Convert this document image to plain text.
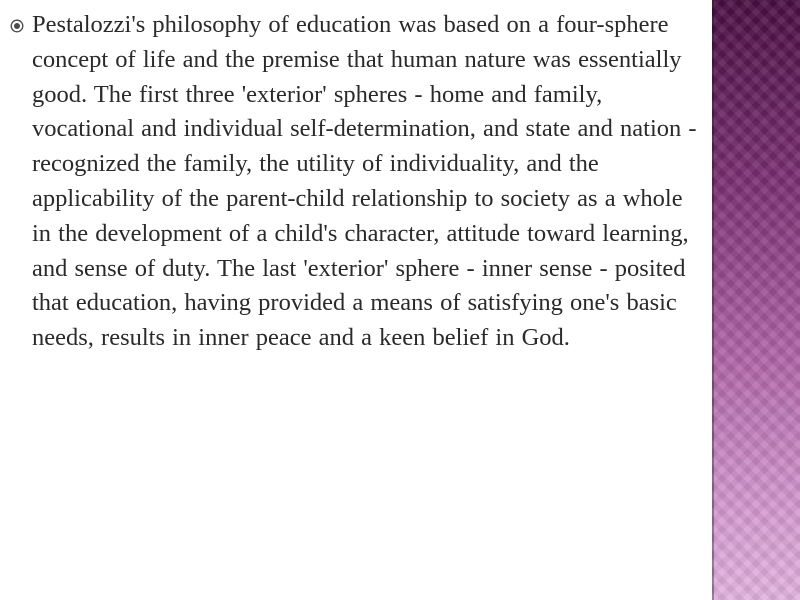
Pestalozzi's philosophy of education was based on a four-sphere concept of life and the premise that human nature was essentially good. The first three 'exterior' spheres - home and family, vocational and individual self-determination, and state and nation - recognized the family, the utility of individuality, and the applicability of the parent-child relationship to society as a whole in the development of a child's character, attitude toward learning, and sense of duty. The last 'exterior' sphere - inner sense - posited that education, having provided a means of satisfying one's basic needs, results in inner peace and a keen belief in God.
